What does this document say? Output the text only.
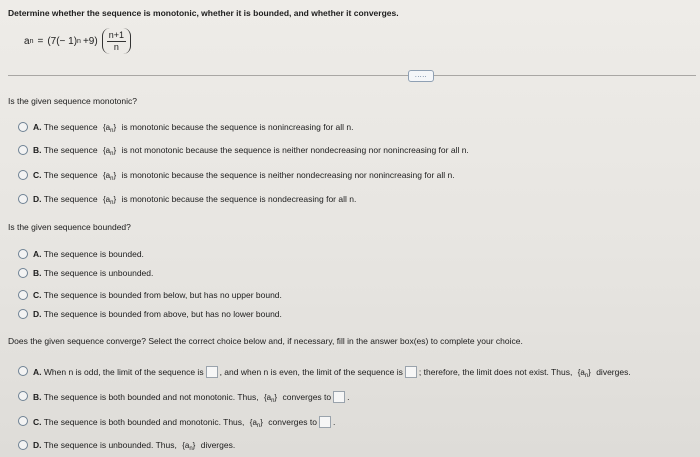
Determine whether the sequence is monotonic, whether it is bounded, and whether it converges.
a n = (7(− 1) $n +9) \frac{n+1}{n}$
.....
Is the given sequence monotonic?
A. The sequence $\{a_n\}$ is monotonic because the sequence is nonincreasing for all n.
B. The sequence $\{a_n\}$ is not monotonic because the sequence is neither nondecreasing nor nonincreasing for all n.
C. The sequence $\{a_n\}$ is monotonic because the sequence is neither nondecreasing nor nonincreasing for all n.
D. The sequence $\{a_n\}$ is monotonic because the sequence is nondecreasing for all n.
Is the given sequence bounded?
A. The sequence is bounded.
B. The sequence is unbounded.
C. The sequence is bounded from below, but has no upper bound.
D. The sequence is bounded from above, but has no lower bound.
Does the given sequence converge? Select the correct choice below and, if necessary, fill in the answer box(es) to complete your choice.
A. When n is odd, the limit of the sequence is , and when n is even, the limit of the sequence is ; therefore, the limit does not exist. Thus, $\{a_n\}$ diverges.
B. The sequence is both bounded and not monotonic. Thus, $\{a_n\}$ converges to .
C. The sequence is both bounded and monotonic. Thus, $\{a_n\}$ converges to .
D. The sequence is unbounded. Thus, $\{a_n\}$ diverges.
